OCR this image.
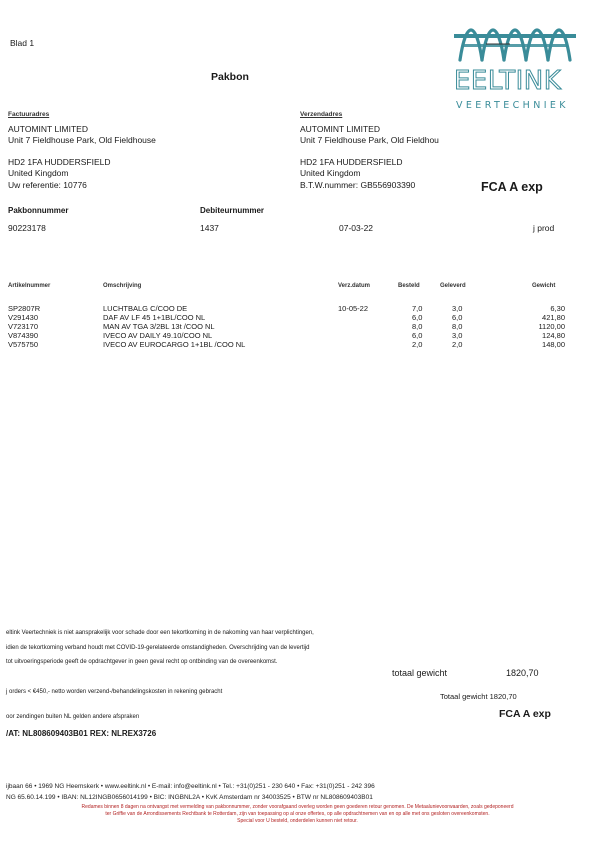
Blad 1
Pakbon	EELTINK
VEERTECHNIEK
Factuuradres
AUTOMINT LIMITED
Unit 7 Fieldhouse Park, Old Fieldhouse
HD2 1FA HUDDERSFIELD
United Kingdom
Uw referentie: 10776
Verzendadres
AUTOMINT LIMITED
Unit 7 Fieldhouse Park, Old Fieldhou
HD2 1FA HUDDERSFIELD
United Kingdom
B.T.W.nummer: GB556903390	FCA A exp
Pakbonnummer	Debiteurnummer
90223178	1437	07-03-22	j prod
Artikelnummer	Omschrijving	Verz.datum	Besteld	Geleverd	Gewicht
SP2807R	LUCHTBALG C/COO DE	10-05-22	7,0	3,0	6,30
V291430	DAF AV LF 45 1+1BL/COO NL	6,0	6,0	421,80
V723170	MAN AV TGA 3/2BL 13t /COO NL	8,0	8,0	1120,00
V874390	IVECO AV DAILY 49.10/COO NL	6,0	3,0	124,80
V575750	IVECO AV EUROCARGO 1+1BL /COO NL	2,0	2,0	148,00
eltink Veertechniek is niet aansprakelijk voor schade door een tekortkoming in de nakoming van haar verplichtingen,
idien de tekortkoming verband houdt met COVID-19-gerelateerde omstandigheden. Overschrijding van de levertijd
tot uitvoeringsperiode geeft de opdrachtgever in geen geval recht op ontbinding van de overeenkomst.
totaal gewicht	1820,70
j orders < €450,- netto worden verzend-/behandelingskosten in rekening gebracht	Totaal gewicht 1820,70
FCA A exp
oor zendingen buiten NL gelden andere afspraken
/AT: NL808609403B01 REX: NLREX3726
ijbaan 66 • 1969 NG Heemskerk • www.eeltink.nl • E-mail: info@eeltink.nl • Tel.: +31(0)251 - 230 640 • Fax: +31(0)251 - 242 396
NG 65.60.14.199 • IBAN: NL12INGB0656014199 • BIC: INGBNL2A • KvK Amsterdam nr 34003525 • BTW nr NL808609403B01
Redames binnen 8 dagen na ontvangst met vermelding van pakbonnummer, zonder voorafgaand overleg worden geen goederen retour genomen. De Metaalunievoorwaarden, zoals gedeponeerd
ter Griffie van de Arrondissements Rechtbank te Rotterdam, zijn van toepassing op al onze offertes, op alle opdrachtnemen van en op alle met ons gesloten overeenkomsten.
Special voor U besteld, onderdelen kunnen niet retour.
